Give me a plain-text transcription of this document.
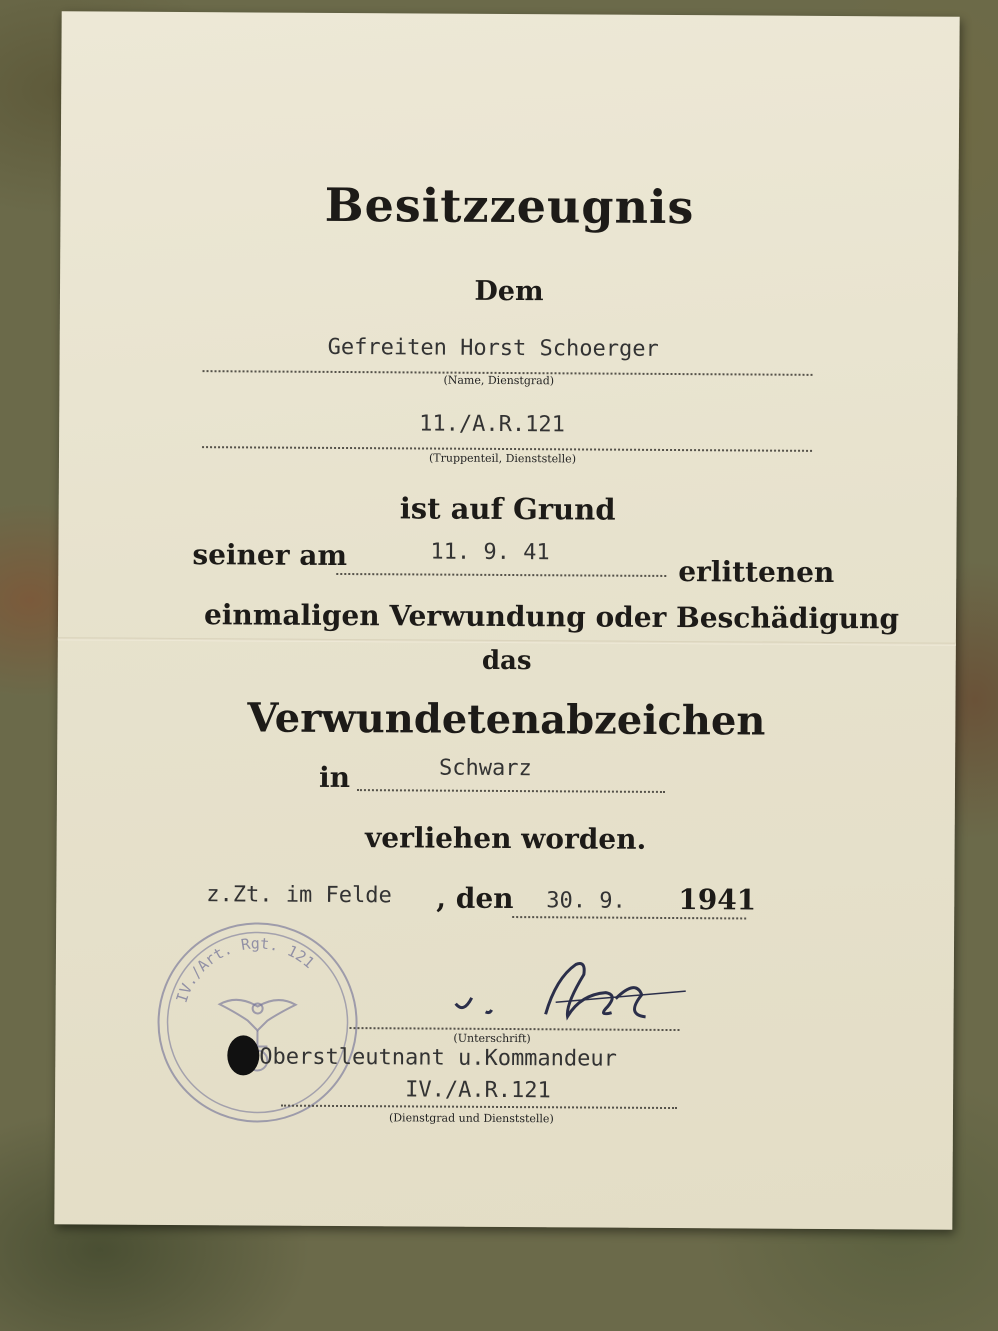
Besitzzeugnis
Dem
Gefreiten Horst Schoerger
(Name, Dienstgrad)
11./A.R.121
(Truppenteil, Dienststelle)
ist auf Grund
seiner am	11. 9. 41
erlittenen
einmaligen Verwundung oder Beschädigung
das
Verwundetenabzeichen
in	Schwarz
verliehen worden.
z.Zt. im Felde , den 30. 9. 1941
IV./Art. Rgt. 121
(Unterschrift)
Oberstleutnant u.Kommandeur
IV./A.R.121
(Dienstgrad und Dienststelle)
